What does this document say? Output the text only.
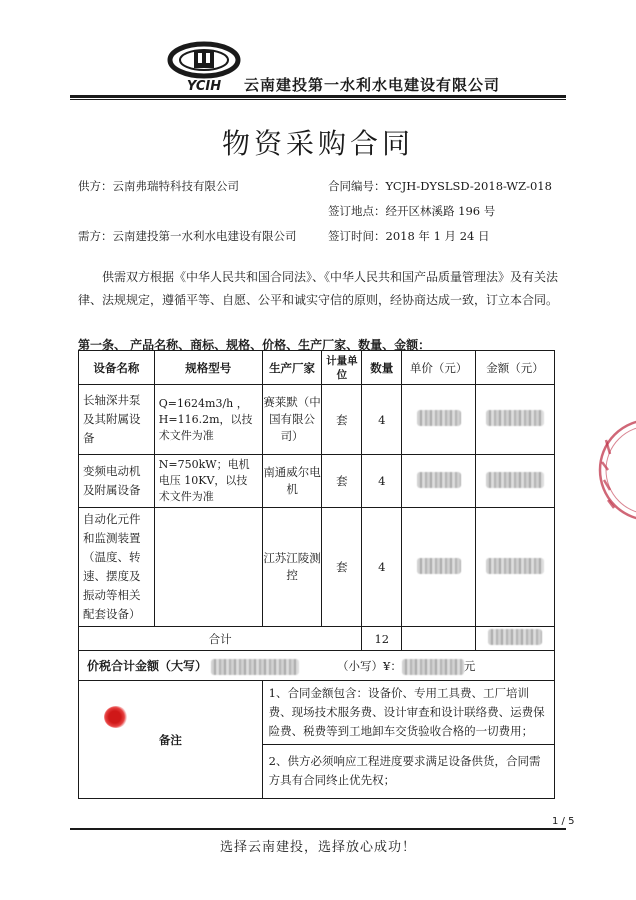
YCIH 云南建投第一水利水电建设有限公司
物资采购合同
供方：云南弗瑞特科技有限公司	合同编号：YCJH-DYSLSD-2018-WZ-018
签订地点：经开区林溪路 196 号
需方：云南建投第一水利水电建设有限公司	签订时间：2018 年 1 月 24 日
供需双方根据《中华人民共和国合同法》、《中华人民共和国产品质量管理法》及有关法律、法规规定，遵循平等、自愿、公平和诚实守信的原则，经协商达成一致，订立本合同。
第一条、 产品名称、商标、规格、价格、生产厂家、数量、金额：
设备名称	规格型号	生产厂家	计量单位	数量	单价（元）	金额（元）
长轴深井泵及其附属设备	Q=1624m3/h ，H=116.2m，以技术文件为准	赛莱默（中国有限公司）	套	4		
变频电动机及附属设备	N=750kW；电机电压 10KV，以技术文件为准	南通威尔电机	套	4		
自动化元件和监测装置（温度、转速、摆度及振动等相关配套设备）		江苏江陵测控	套	4		
合计				12		
价税合计金额（大写） （小写）¥： 元						
备注		1、合同金额包含：设备价、专用工具费、工厂培训费、现场技术服务费、设计审查和设计联络费、运费保险费、税费等到工地卸车交货验收合格的一切费用；
2、供方必须响应工程进度要求满足设备供货，合同需方具有合同终止优先权；				
1 / 5
选择云南建投，选择放心成功！
